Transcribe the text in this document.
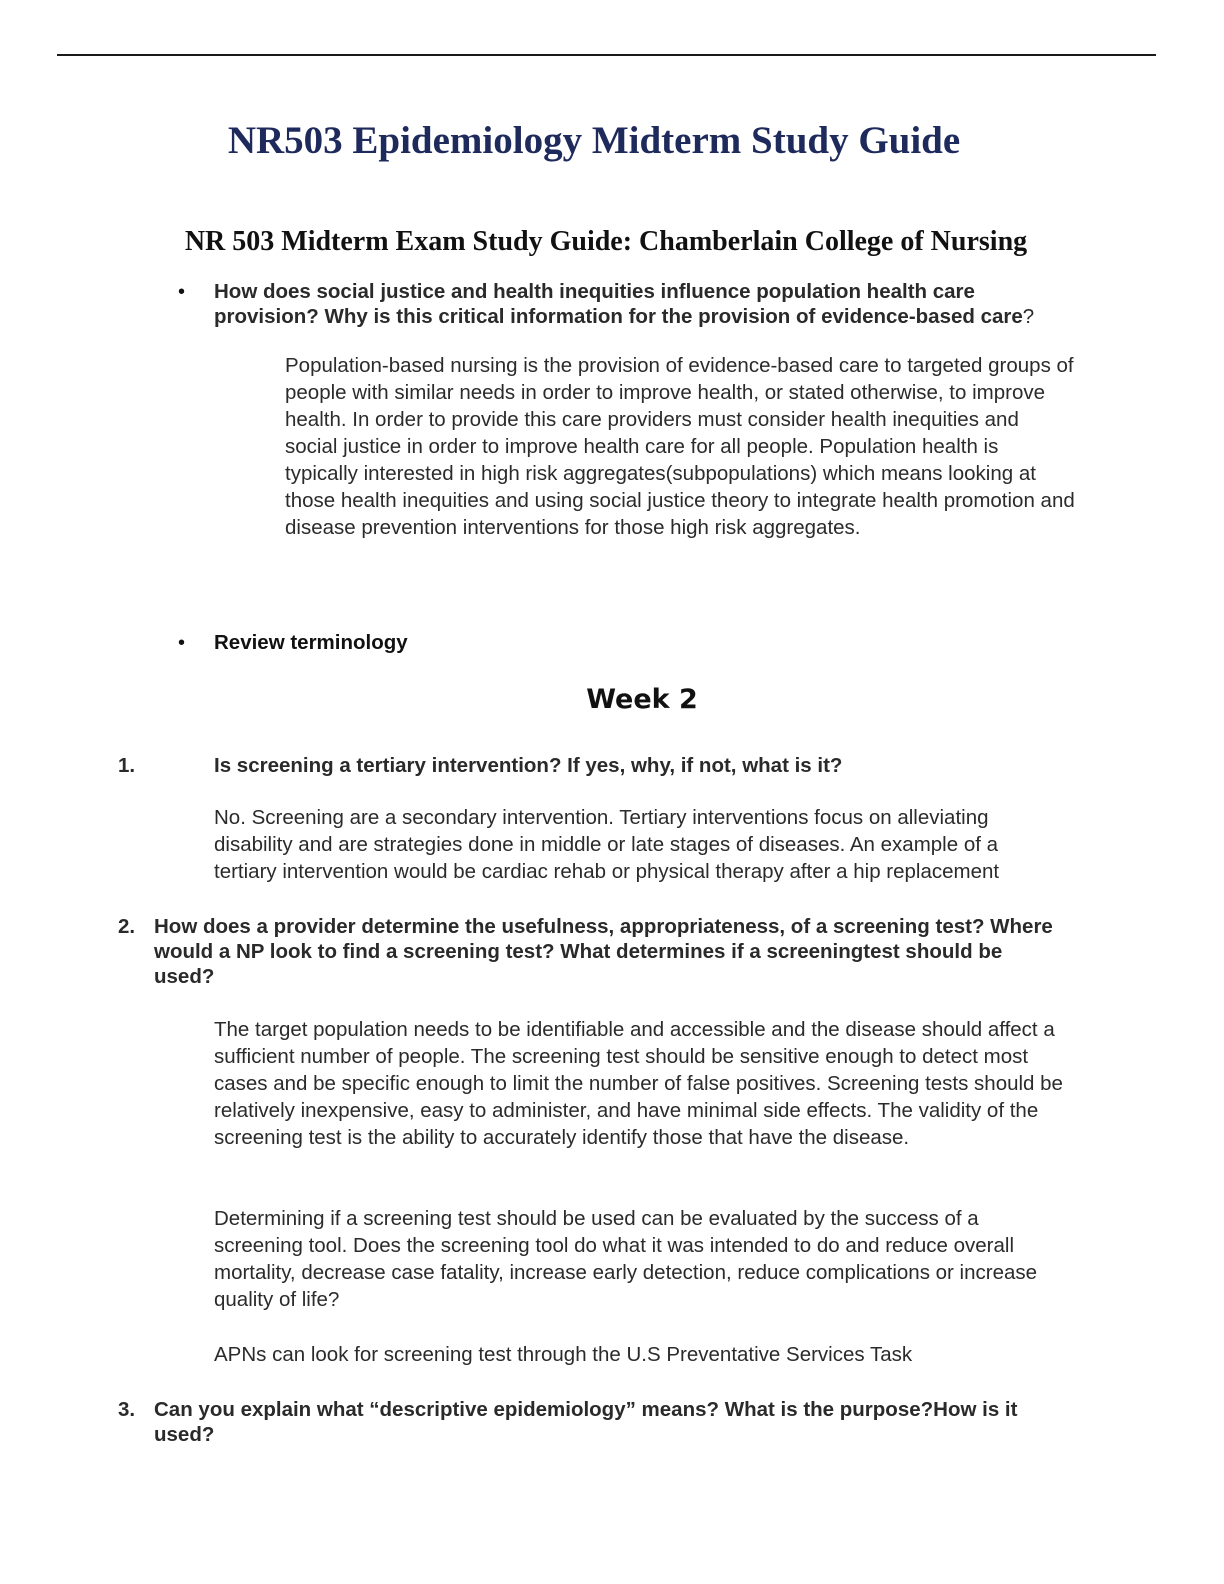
NR503 Epidemiology Midterm Study Guide
NR 503 Midterm Exam Study Guide: Chamberlain College of Nursing
• How does social justice and health inequities influence population health care provision? Why is this critical information for the provision of evidence-based care?

Population-based nursing is the provision of evidence-based care to targeted groups of people with similar needs in order to improve health, or stated otherwise, to improve health. In order to provide this care providers must consider health inequities and social justice in order to improve health care for all people. Population health is typically interested in high risk aggregates(subpopulations) which means looking at those health inequities and using social justice theory to integrate health promotion and disease prevention interventions for those high risk aggregates.

• Review terminology

Week 2
1.	Is screening a tertiary intervention? If yes, why, if not, what is it?

No. Screening are a secondary intervention. Tertiary interventions focus on alleviating disability and are strategies done in middle or late stages of diseases. An example of a tertiary intervention would be cardiac rehab or physical therapy after a hip replacement

2. How does a provider determine the usefulness, appropriateness, of a screening test? Where would a NP look to find a screening test? What determines if a screeningtest should be used?

The target population needs to be identifiable and accessible and the disease should affect a sufficient number of people. The screening test should be sensitive enough to detect most cases and be specific enough to limit the number of false positives. Screening tests should be relatively inexpensive, easy to administer, and have minimal side effects. The validity of the screening test is the ability to accurately identify those that have the disease.

Determining if a screening test should be used can be evaluated by the success of a screening tool. Does the screening tool do what it was intended to do and reduce overall mortality, decrease case fatality, increase early detection, reduce complications or increase quality of life?

APNs can look for screening test through the U.S Preventative Services Task

3. Can you explain what “descriptive epidemiology” means? What is the purpose?How is it used?
